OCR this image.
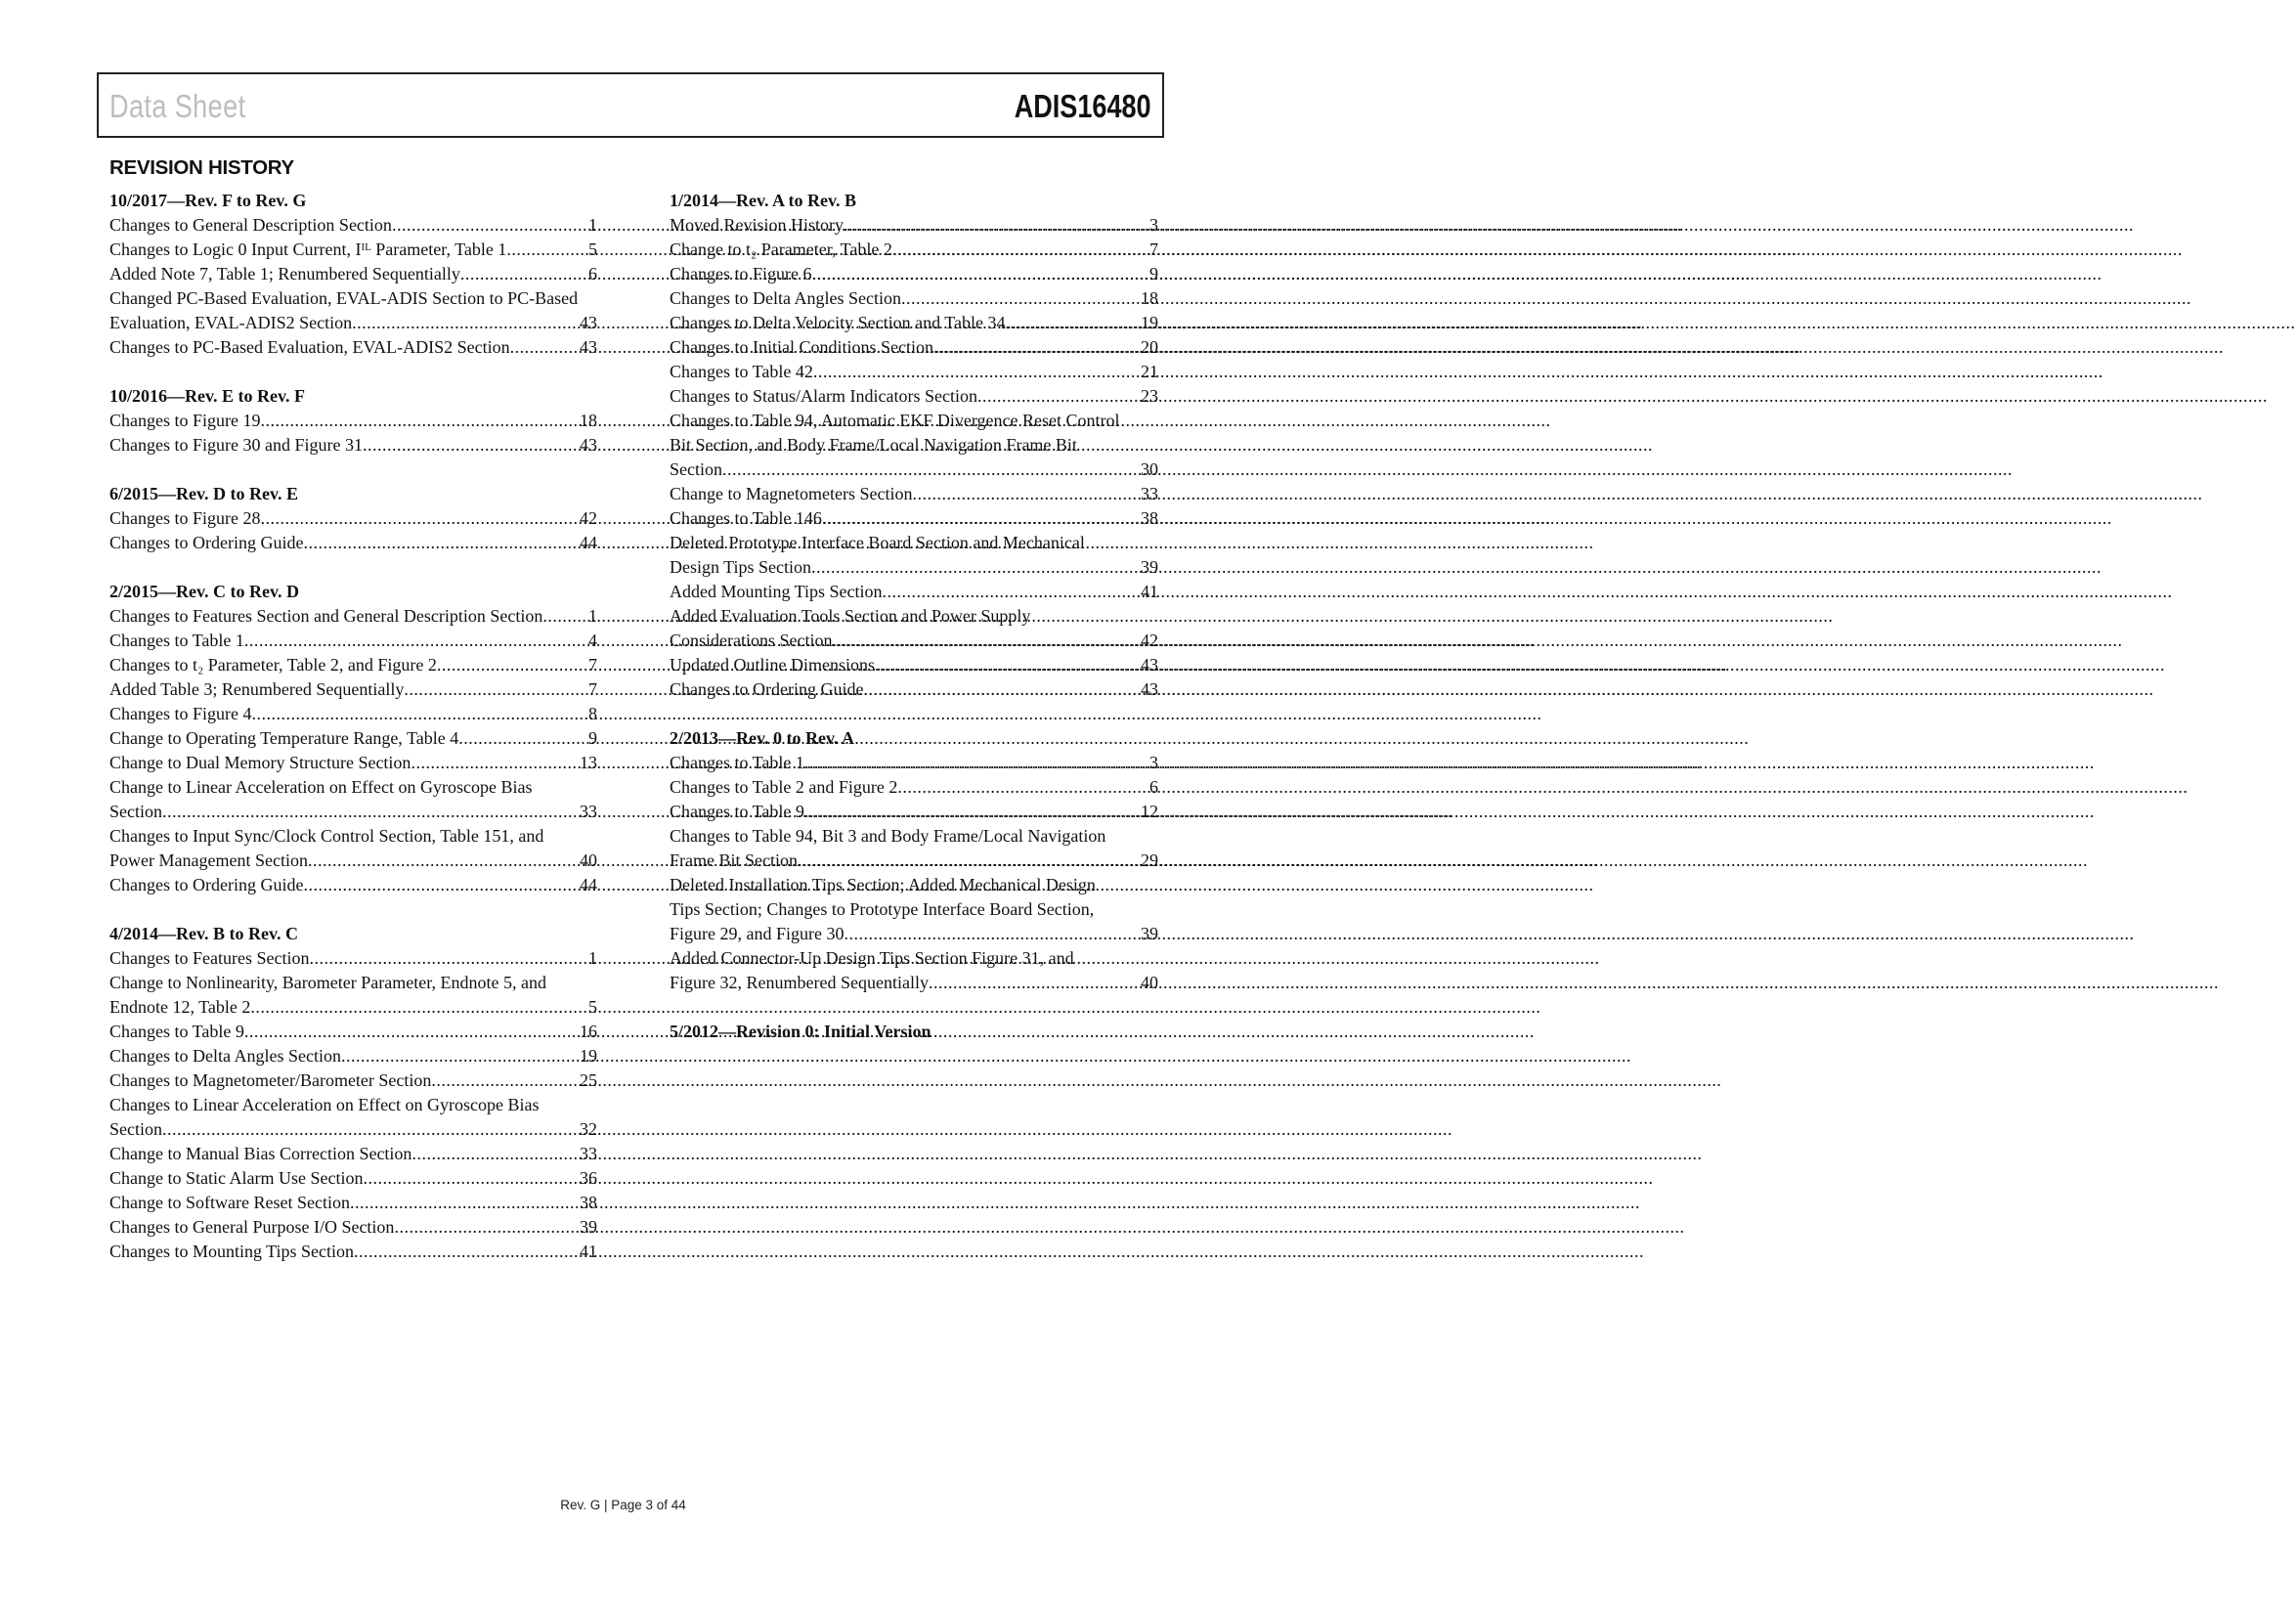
Data Sheet	ADIS16480
REVISION HISTORY
10/2017—Rev. F to Rev. G
Changes to General Description Section .....	1
Changes to Logic 0 Input Current, Iᴵᴸ Parameter, Table 1 .....	5
Added Note 7, Table 1; Renumbered Sequentially .....	6
Changed PC-Based Evaluation, EVAL-ADIS Section to PC-Based
Evaluation, EVAL-ADIS2 Section .....	43
Changes to PC-Based Evaluation, EVAL-ADIS2 Section .....	43
10/2016—Rev. E to Rev. F
Changes to Figure 19 .....	18
Changes to Figure 30 and Figure 31 .....	43
6/2015—Rev. D to Rev. E
Changes to Figure 28 .....	42
Changes to Ordering Guide .....	44
2/2015—Rev. C to Rev. D
Changes to Features Section and General Description Section .....	1
Changes to Table 1 .....	4
Changes to t₂ Parameter, Table 2, and Figure 2 .....	7
Added Table 3; Renumbered Sequentially .....	7
Changes to Figure 4 .....	8
Change to Operating Temperature Range, Table 4 .....	9
Change to Dual Memory Structure Section .....	13
Change to Linear Acceleration on Effect on Gyroscope Bias
Section .....	33
Changes to Input Sync/Clock Control Section, Table 151, and
Power Management Section .....	40
Changes to Ordering Guide .....	44
4/2014—Rev. B to Rev. C
Changes to Features Section .....	1
Change to Nonlinearity, Barometer Parameter, Endnote 5, and
Endnote 12, Table 2 .....	5
Changes to Table 9 .....	16
Changes to Delta Angles Section .....	19
Changes to Magnetometer/Barometer Section .....	25
Changes to Linear Acceleration on Effect on Gyroscope Bias
Section .....	32
Change to Manual Bias Correction Section .....	33
Change to Static Alarm Use Section .....	36
Change to Software Reset Section .....	38
Changes to General Purpose I/O Section .....	39
Changes to Mounting Tips Section .....	41
1/2014—Rev. A to Rev. B
Moved Revision History .....	3
Change to t₂ Parameter, Table 2 .....	7
Changes to Figure 6 .....	9
Changes to Delta Angles Section .....	18
Changes to Delta Velocity Section and Table 34 .....	19
Changes to Initial Conditions Section .....	20
Changes to Table 42 .....	21
Changes to Status/Alarm Indicators Section .....	23
Changes to Table 94, Automatic EKF Divergence Reset Control
Bit Section, and Body Frame/Local Navigation Frame Bit
Section .....	30
Change to Magnetometers Section .....	33
Changes to Table 146 .....	38
Deleted Prototype Interface Board Section and Mechanical
Design Tips Section .....	39
Added Mounting Tips Section .....	41
Added Evaluation Tools Section and Power Supply
Considerations Section .....	42
Updated Outline Dimensions .....	43
Changes to Ordering Guide .....	43
2/2013—Rev. 0 to Rev. A
Changes to Table 1 .....	3
Changes to Table 2 and Figure 2 .....	6
Changes to Table 9 .....	12
Changes to Table 94, Bit 3 and Body Frame/Local Navigation
Frame Bit Section .....	29
Deleted Installation Tips Section; Added Mechanical Design
Tips Section; Changes to Prototype Interface Board Section,
Figure 29, and Figure 30 .....	39
Added Connector-Up Design Tips Section Figure 31, and
Figure 32, Renumbered Sequentially .....	40
5/2012—Revision 0: Initial Version
Rev. G | Page 3 of 44
